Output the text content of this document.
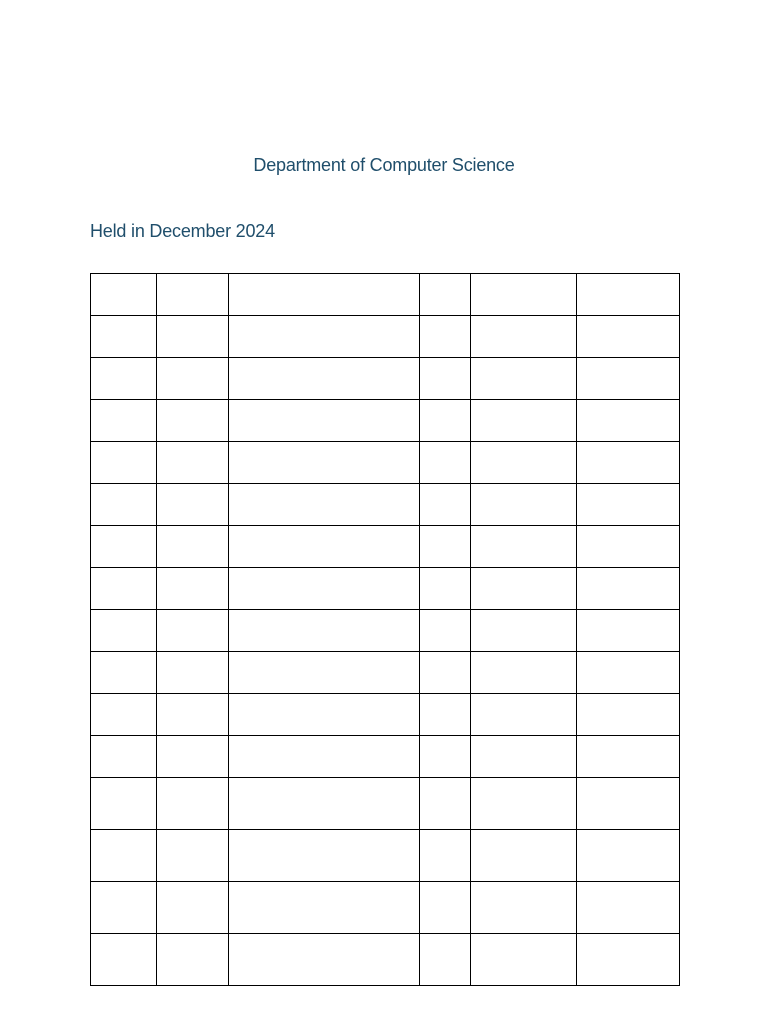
Department of Computer Science
Held in December 2024
